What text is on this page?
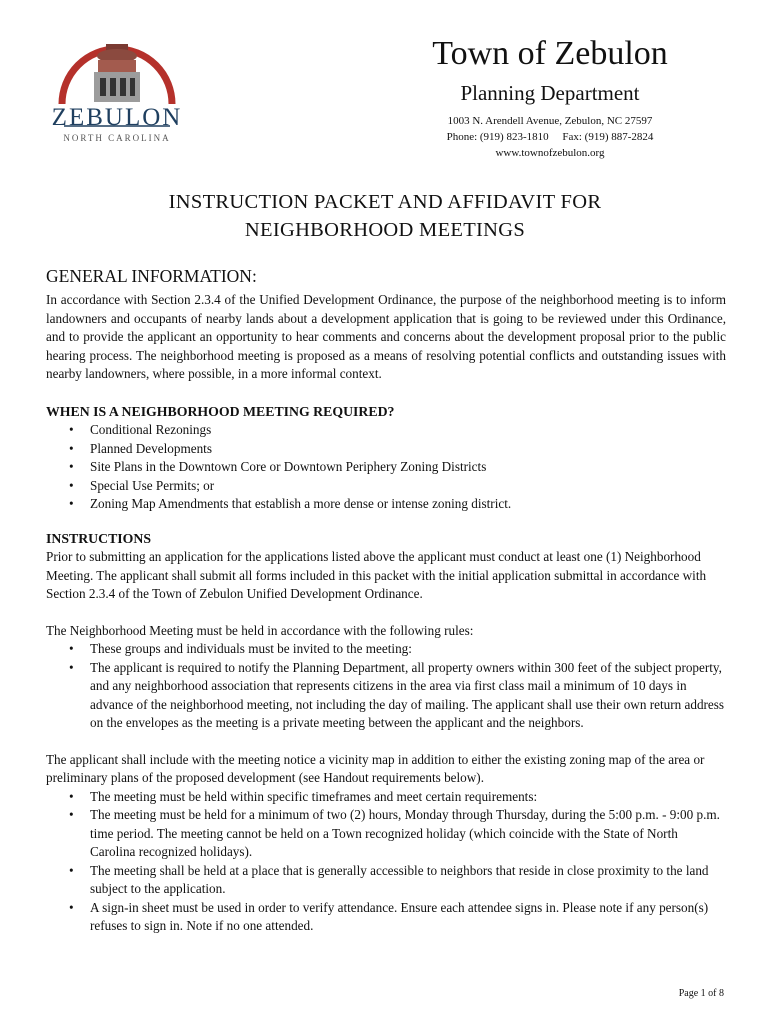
ZEBULON
NORTH CAROLINA
Town of Zebulon
Planning Department
1003 N. Arendell Avenue, Zebulon, NC 27597
Phone: (919) 823-1810     Fax: (919) 887-2824
www.townofzebulon.org
INSTRUCTION PACKET AND AFFIDAVIT FOR
NEIGHBORHOOD MEETINGS
GENERAL INFORMATION:

In accordance with Section 2.3.4 of the Unified Development Ordinance, the purpose of the neighborhood meeting is to inform landowners and occupants of nearby lands about a development application that is going to be reviewed under this Ordinance, and to provide the applicant an opportunity to hear comments and concerns about the development proposal prior to the public hearing process. The neighborhood meeting is proposed as a means of resolving potential conflicts and outstanding issues with nearby landowners, where possible, in a more informal context.

WHEN IS A NEIGHBORHOOD MEETING REQUIRED?
• Conditional Rezonings
• Planned Developments
• Site Plans in the Downtown Core or Downtown Periphery Zoning Districts
• Special Use Permits; or
• Zoning Map Amendments that establish a more dense or intense zoning district.
INSTRUCTIONS

Prior to submitting an application for the applications listed above the applicant must conduct at least one (1) Neighborhood Meeting. The applicant shall submit all forms included in this packet with the initial application submittal in accordance with Section 2.3.4 of the Town of Zebulon Unified Development Ordinance.

The Neighborhood Meeting must be held in accordance with the following rules:

• These groups and individuals must be invited to the meeting:
• The applicant is required to notify the Planning Department, all property owners within 300 feet of the subject property, and any neighborhood association that represents citizens in the area via first class mail a minimum of 10 days in advance of the neighborhood meeting, not including the day of mailing. The applicant shall use their own return address on the envelopes as the meeting is a private meeting between the applicant and the neighbors.

The applicant shall include with the meeting notice a vicinity map in addition to either the existing zoning map of the area or preliminary plans of the proposed development (see Handout requirements below).

• The meeting must be held within specific timeframes and meet certain requirements:
• The meeting must be held for a minimum of two (2) hours, Monday through Thursday, during the 5:00 p.m. - 9:00 p.m. time period. The meeting cannot be held on a Town recognized holiday (which coincide with the State of North Carolina recognized holidays).
• The meeting shall be held at a place that is generally accessible to neighbors that reside in close proximity to the land subject to the application.
• A sign-in sheet must be used in order to verify attendance. Ensure each attendee signs in. Please note if any person(s) refuses to sign in. Note if no one attended.
Page 1 of 8
